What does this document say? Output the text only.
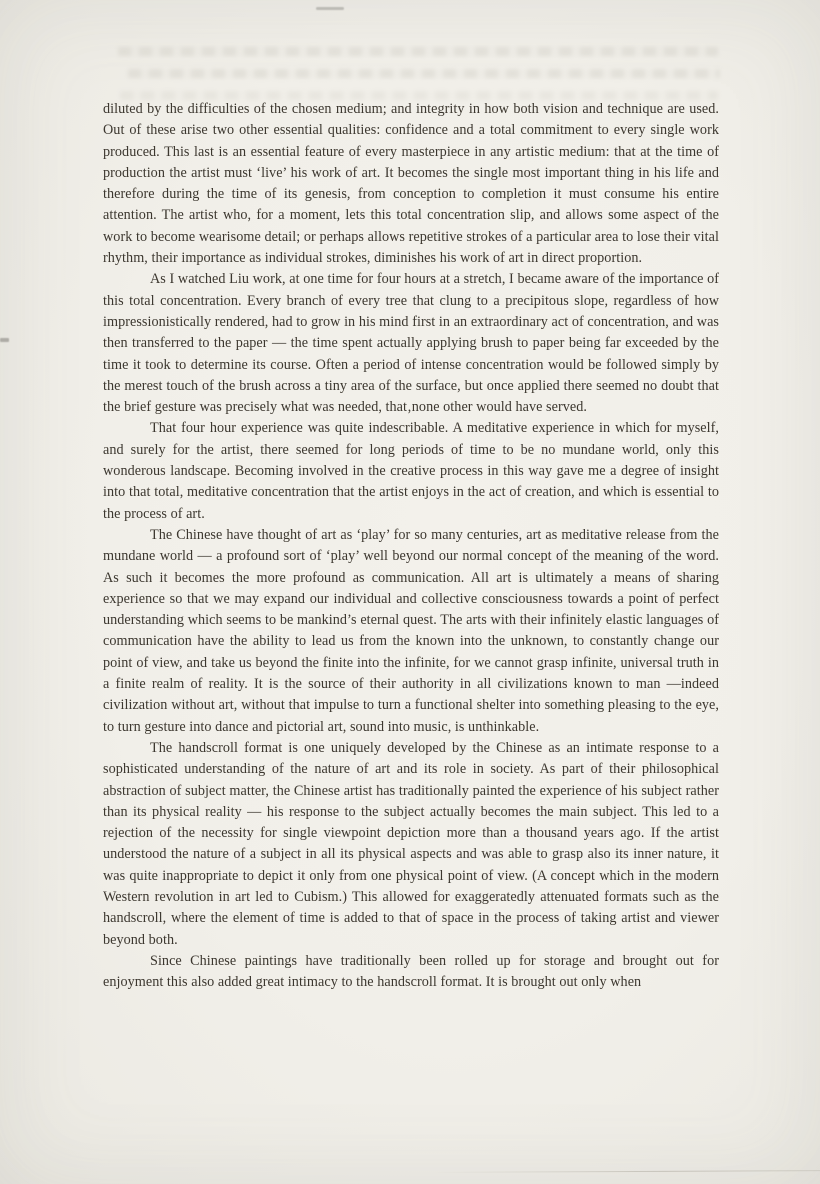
diluted by the difficulties of the chosen medium; and integrity in how both vision and technique are used. Out of these arise two other essential qualities: confidence and a total commitment to every single work produced. This last is an essential feature of every masterpiece in any artistic medium: that at the time of production the artist must ‘live’ his work of art. It becomes the single most important thing in his life and therefore during the time of its genesis, from conception to completion it must consume his entire attention. The artist who, for a moment, lets this total concentration slip, and allows some aspect of the work to become wearisome detail; or perhaps allows repetitive strokes of a particular area to lose their vital rhythm, their importance as individual strokes, diminishes his work of art in direct proportion.

As I watched Liu work, at one time for four hours at a stretch, I became aware of the importance of this total concentration. Every branch of every tree that clung to a precipitous slope, regardless of how impressionistically rendered, had to grow in his mind first in an extraordinary act of concentration, and was then transferred to the paper — the time spent actually applying brush to paper being far exceeded by the time it took to determine its course. Often a period of intense concentration would be followed simply by the merest touch of the brush across a tiny area of the surface, but once applied there seemed no doubt that the brief gesture was precisely what was needed, that‚none other would have served.

That four hour experience was quite indescribable. A meditative experience in which for myself, and surely for the artist, there seemed for long periods of time to be no mundane world, only this wonderous landscape. Becoming involved in the creative process in this way gave me a degree of insight into that total, meditative concentration that the artist enjoys in the act of creation, and which is essential to the process of art.

The Chinese have thought of art as ‘play’ for so many centuries, art as meditative release from the mundane world — a profound sort of ‘play’ well beyond our normal concept of the meaning of the word. As such it becomes the more profound as communication. All art is ultimately a means of sharing experience so that we may expand our individual and collective consciousness towards a point of perfect understanding which seems to be mankind’s eternal quest. The arts with their infinitely elastic languages of communication have the ability to lead us from the known into the unknown, to constantly change our point of view, and take us beyond the finite into the infinite, for we cannot grasp infinite, universal truth in a finite realm of reality. It is the source of their authority in all civilizations known to man —indeed civilization without art, without that impulse to turn a functional shelter into something pleasing to the eye, to turn gesture into dance and pictorial art, sound into music, is unthinkable.

The handscroll format is one uniquely developed by the Chinese as an intimate response to a sophisticated understanding of the nature of art and its role in society. As part of their philosophical abstraction of subject matter, the Chinese artist has traditionally painted the experience of his subject rather than its physical reality — his response to the subject actually becomes the main subject. This led to a rejection of the necessity for single viewpoint depiction more than a thousand years ago. If the artist understood the nature of a subject in all its physical aspects and was able to grasp also its inner nature, it was quite inappropriate to depict it only from one physical point of view. (A concept which in the modern Western revolution in art led to Cubism.) This allowed for exaggeratedly attenuated formats such as the handscroll, where the element of time is added to that of space in the process of taking artist and viewer beyond both.

Since Chinese paintings have traditionally been rolled up for storage and brought out for enjoyment this also added great intimacy to the handscroll format. It is brought out only when
